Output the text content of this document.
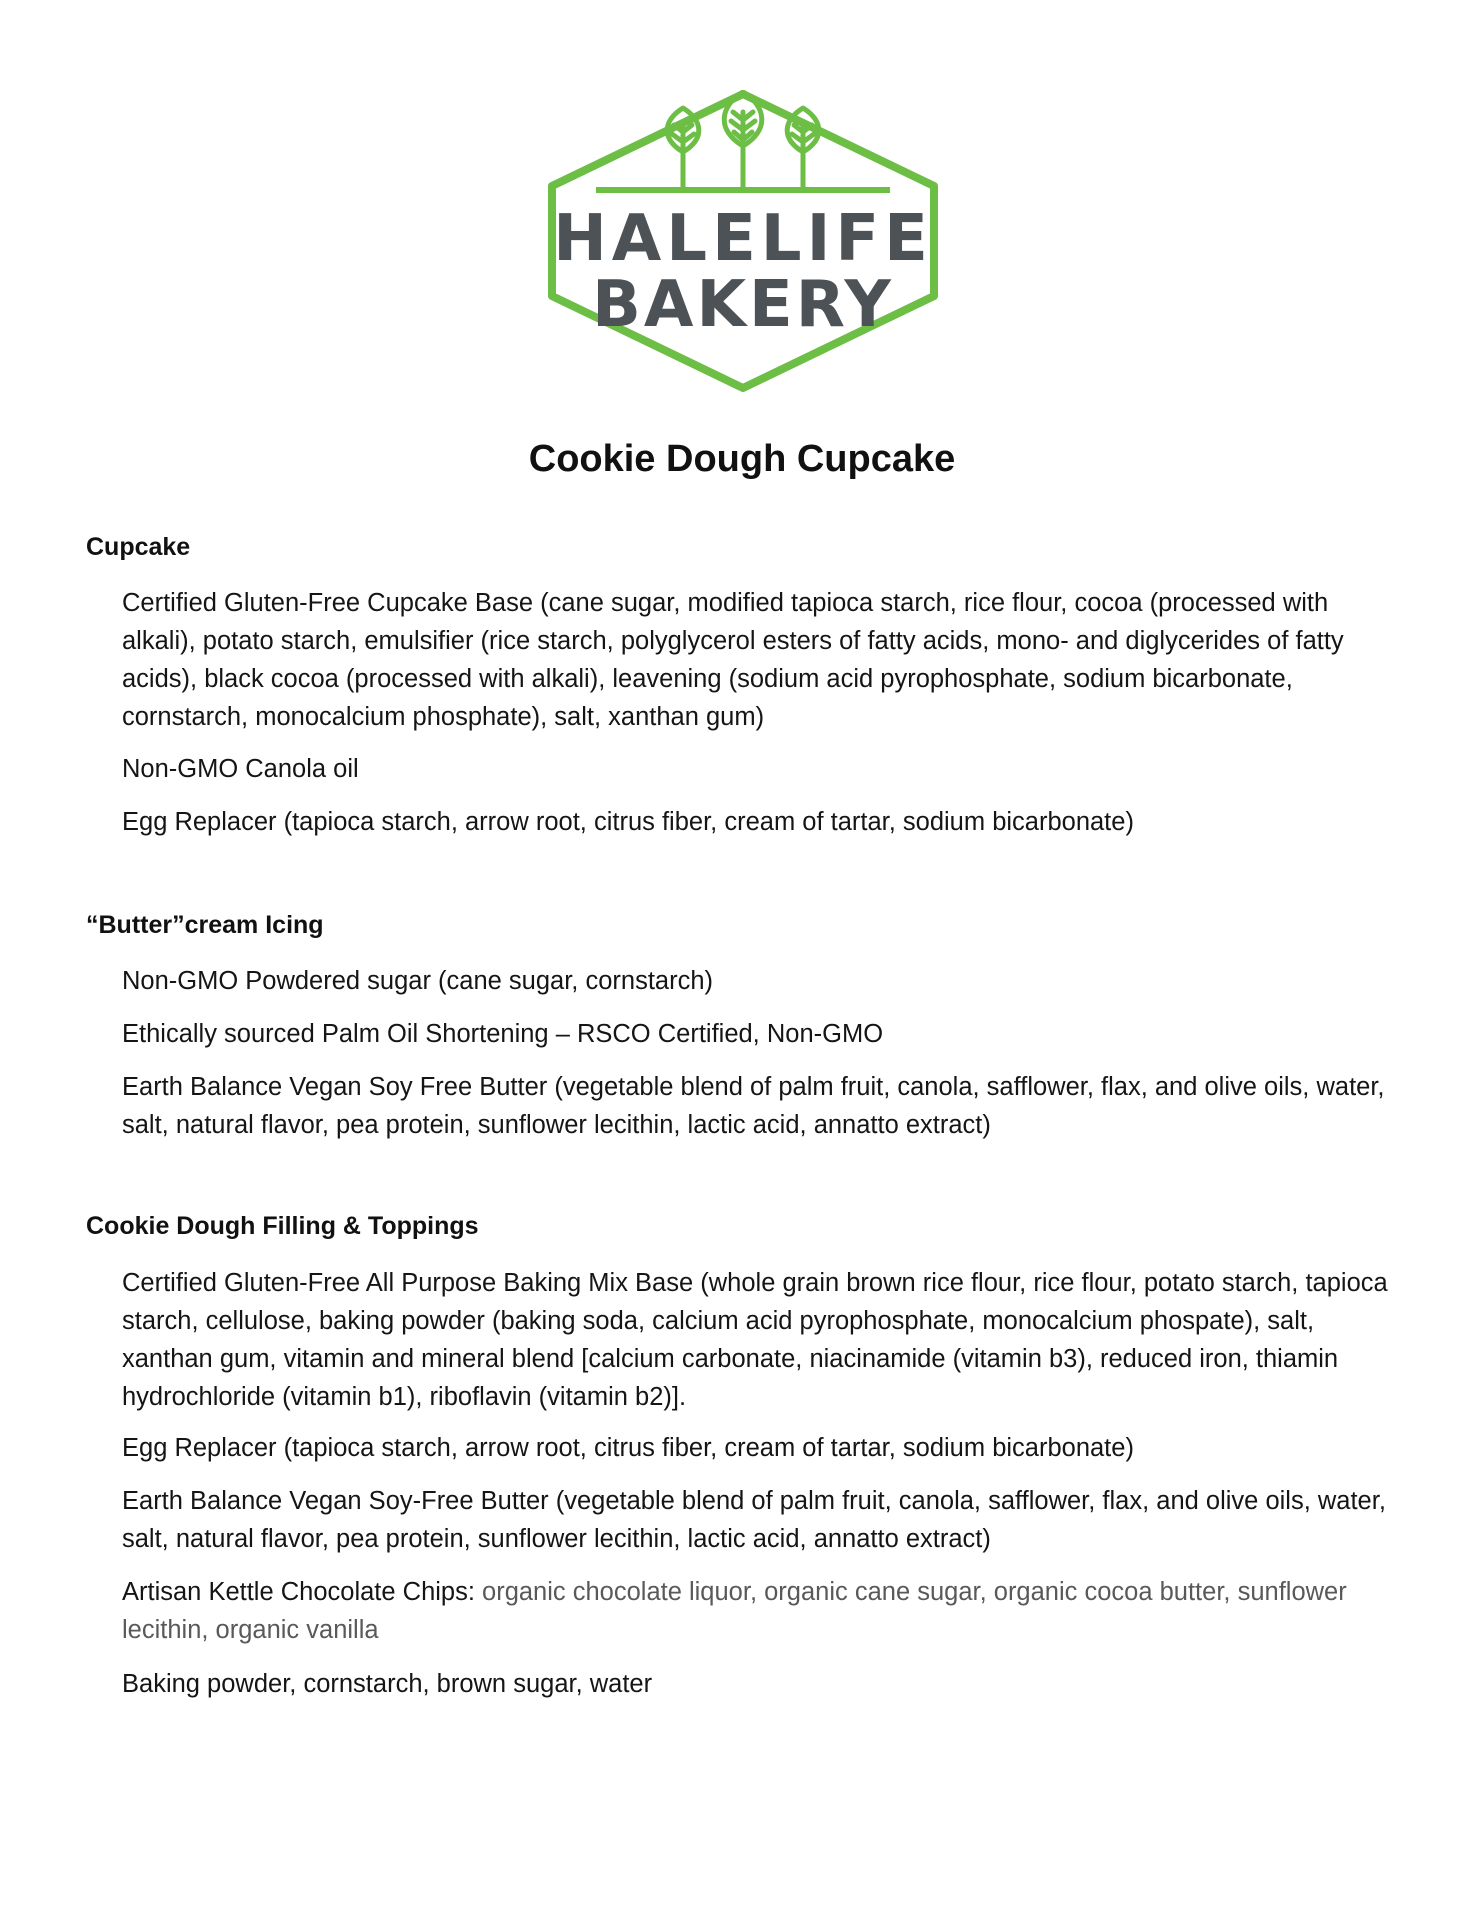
HALELIFE
BAKERY
Cookie Dough Cupcake
Cupcake

Certified Gluten-Free Cupcake Base (cane sugar, modified tapioca starch, rice flour, cocoa (processed with alkali), potato starch, emulsifier (rice starch, polyglycerol esters of fatty acids, mono- and diglycerides of fatty acids), black cocoa (processed with alkali), leavening (sodium acid pyrophosphate, sodium bicarbonate, cornstarch, monocalcium phosphate), salt, xanthan gum)

Non-GMO Canola oil

Egg Replacer (tapioca starch, arrow root, citrus fiber, cream of tartar, sodium bicarbonate)

“Butter”cream Icing

Non-GMO Powdered sugar (cane sugar, cornstarch)

Ethically sourced Palm Oil Shortening – RSCO Certified, Non-GMO

Earth Balance Vegan Soy Free Butter (vegetable blend of palm fruit, canola, safflower, flax, and olive oils, water, salt, natural flavor, pea protein, sunflower lecithin, lactic acid, annatto extract)

Cookie Dough Filling & Toppings

Certified Gluten-Free All Purpose Baking Mix Base (whole grain brown rice flour, rice flour, potato starch, tapioca starch, cellulose, baking powder (baking soda, calcium acid pyrophosphate, monocalcium phospate), salt, xanthan gum, vitamin and mineral blend [calcium carbonate, niacinamide (vitamin b3), reduced iron, thiamin hydrochloride (vitamin b1), riboflavin (vitamin b2)].

Egg Replacer (tapioca starch, arrow root, citrus fiber, cream of tartar, sodium bicarbonate)

Earth Balance Vegan Soy-Free Butter (vegetable blend of palm fruit, canola, safflower, flax, and olive oils, water, salt, natural flavor, pea protein, sunflower lecithin, lactic acid, annatto extract)

Artisan Kettle Chocolate Chips: organic chocolate liquor, organic cane sugar, organic cocoa butter, sunflower lecithin, organic vanilla

Baking powder, cornstarch, brown sugar, water
